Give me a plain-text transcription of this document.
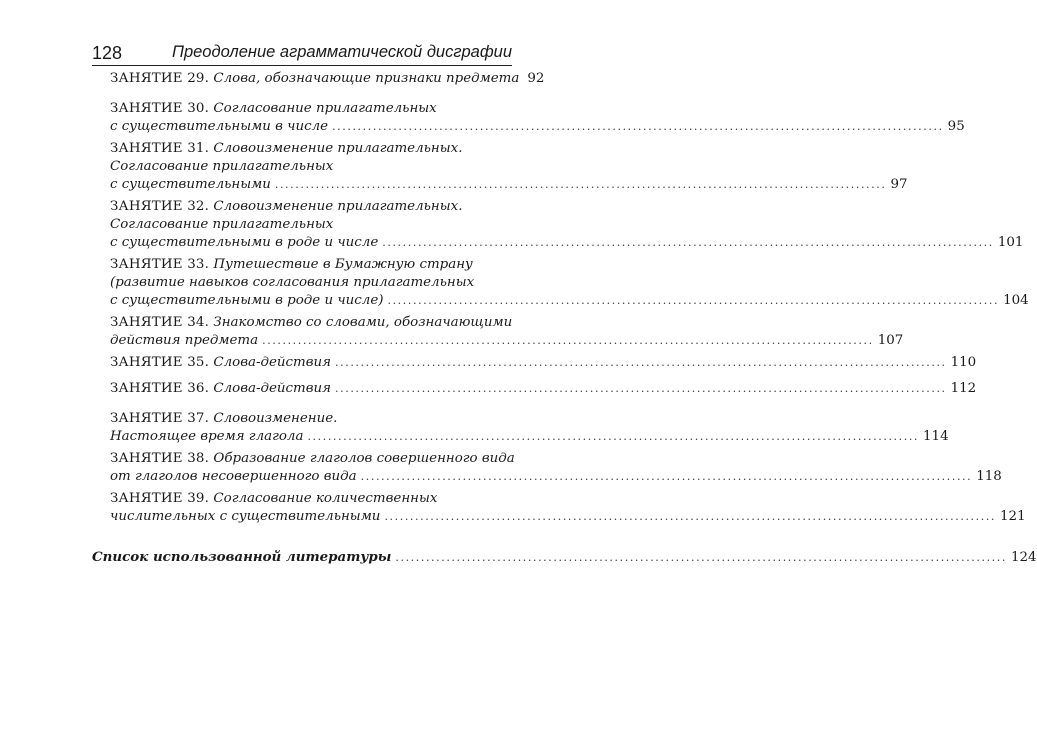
128	Преодоление аграмматической дисграфии
ЗАНЯТИЕ 29. Слова, обозначающие признаки предмета 92
ЗАНЯТИЕ 30. Согласование прилагательных
с существительными в числе ........................................................................................................................ 95
ЗАНЯТИЕ 31. Словоизменение прилагательных.
Согласование прилагательных
с существительными ........................................................................................................................ 97
ЗАНЯТИЕ 32. Словоизменение прилагательных.
Согласование прилагательных
с существительными в роде и числе ........................................................................................................................ 101
ЗАНЯТИЕ 33. Путешествие в Бумажную страну
(развитие навыков согласования прилагательных
с существительными в роде и числе) ........................................................................................................................ 104
ЗАНЯТИЕ 34. Знакомство со словами, обозначающими
действия предмета ........................................................................................................................ 107
ЗАНЯТИЕ 35. Слова-действия ........................................................................................................................ 110
ЗАНЯТИЕ 36. Слова-действия ........................................................................................................................ 112
ЗАНЯТИЕ 37. Словоизменение.
Настоящее время глагола ........................................................................................................................ 114
ЗАНЯТИЕ 38. Образование глаголов совершенного вида
от глаголов несовершенного вида ........................................................................................................................ 118
ЗАНЯТИЕ 39. Согласование количественных
числительных с существительными ........................................................................................................................ 121
Список использованной литературы ........................................................................................................................ 124
